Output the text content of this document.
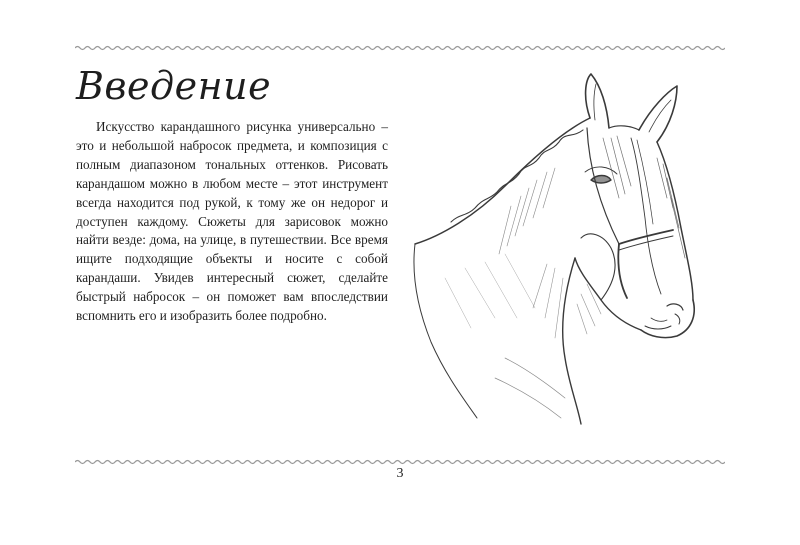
Введение

Искусство карандашного рисунка универсально – это и небольшой набросок предмета, и композиция с полным диапазоном тональных оттенков. Рисовать карандашом можно в любом месте – этот инструмент всегда находится под рукой, к тому же он недорог и доступен каждому. Сюжеты для зарисовок можно найти везде: дома, на улице, в путешествии. Все время ищите подходящие объекты и носите с собой карандаши. Увидев интересный сюжет, сделайте быстрый набросок – он поможет вам впоследствии вспомнить его и изобразить более подробно.

3
